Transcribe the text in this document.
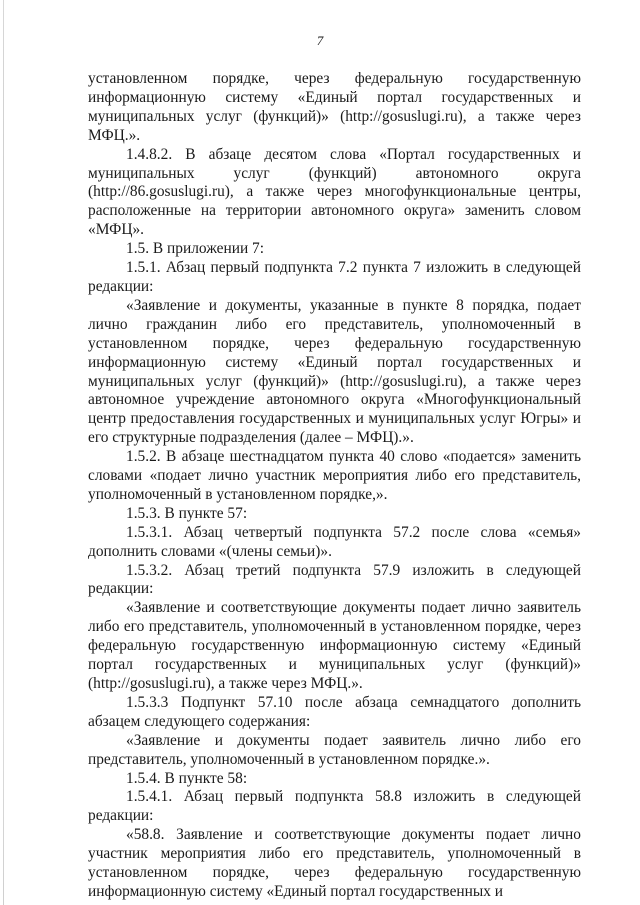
7

установленном порядке, через федеральную государственную информационную систему «Единый портал государственных и муниципальных услуг (функций)» (http://gosuslugi.ru), а также через МФЦ.».

1.4.8.2. В абзаце десятом слова «Портал государственных и муниципальных услуг (функций) автономного округа (http://86.gosuslugi.ru), а также через многофункциональные центры, расположенные на территории автономного округа» заменить словом «МФЦ».

1.5. В приложении 7:

1.5.1. Абзац первый подпункта 7.2 пункта 7 изложить в следующей редакции:

«Заявление и документы, указанные в пункте 8 порядка, подает лично гражданин либо его представитель, уполномоченный в установленном порядке, через федеральную государственную информационную систему «Единый портал государственных и муниципальных услуг (функций)» (http://gosuslugi.ru), а также через автономное учреждение автономного округа «Многофункциональный центр предоставления государственных и муниципальных услуг Югры» и его структурные подразделения (далее – МФЦ).».

1.5.2. В абзаце шестнадцатом пункта 40 слово «подается» заменить словами «подает лично участник мероприятия либо его представитель, уполномоченный в установленном порядке,».

1.5.3. В пункте 57:

1.5.3.1. Абзац четвертый подпункта 57.2 после слова «семья» дополнить словами «(члены семьи)».

1.5.3.2. Абзац третий подпункта 57.9 изложить в следующей редакции:

«Заявление и соответствующие документы подает лично заявитель либо его представитель, уполномоченный в установленном порядке, через федеральную государственную информационную систему «Единый портал государственных и муниципальных услуг (функций)» (http://gosuslugi.ru), а также через МФЦ.».

1.5.3.3 Подпункт 57.10 после абзаца семнадцатого дополнить абзацем следующего содержания:

«Заявление и документы подает заявитель лично либо его представитель, уполномоченный в установленном порядке.».

1.5.4. В пункте 58:

1.5.4.1. Абзац первый подпункта 58.8 изложить в следующей редакции:

«58.8. Заявление и соответствующие документы подает лично участник мероприятия либо его представитель, уполномоченный в установленном порядке, через федеральную государственную информационную систему «Единый портал государственных и
